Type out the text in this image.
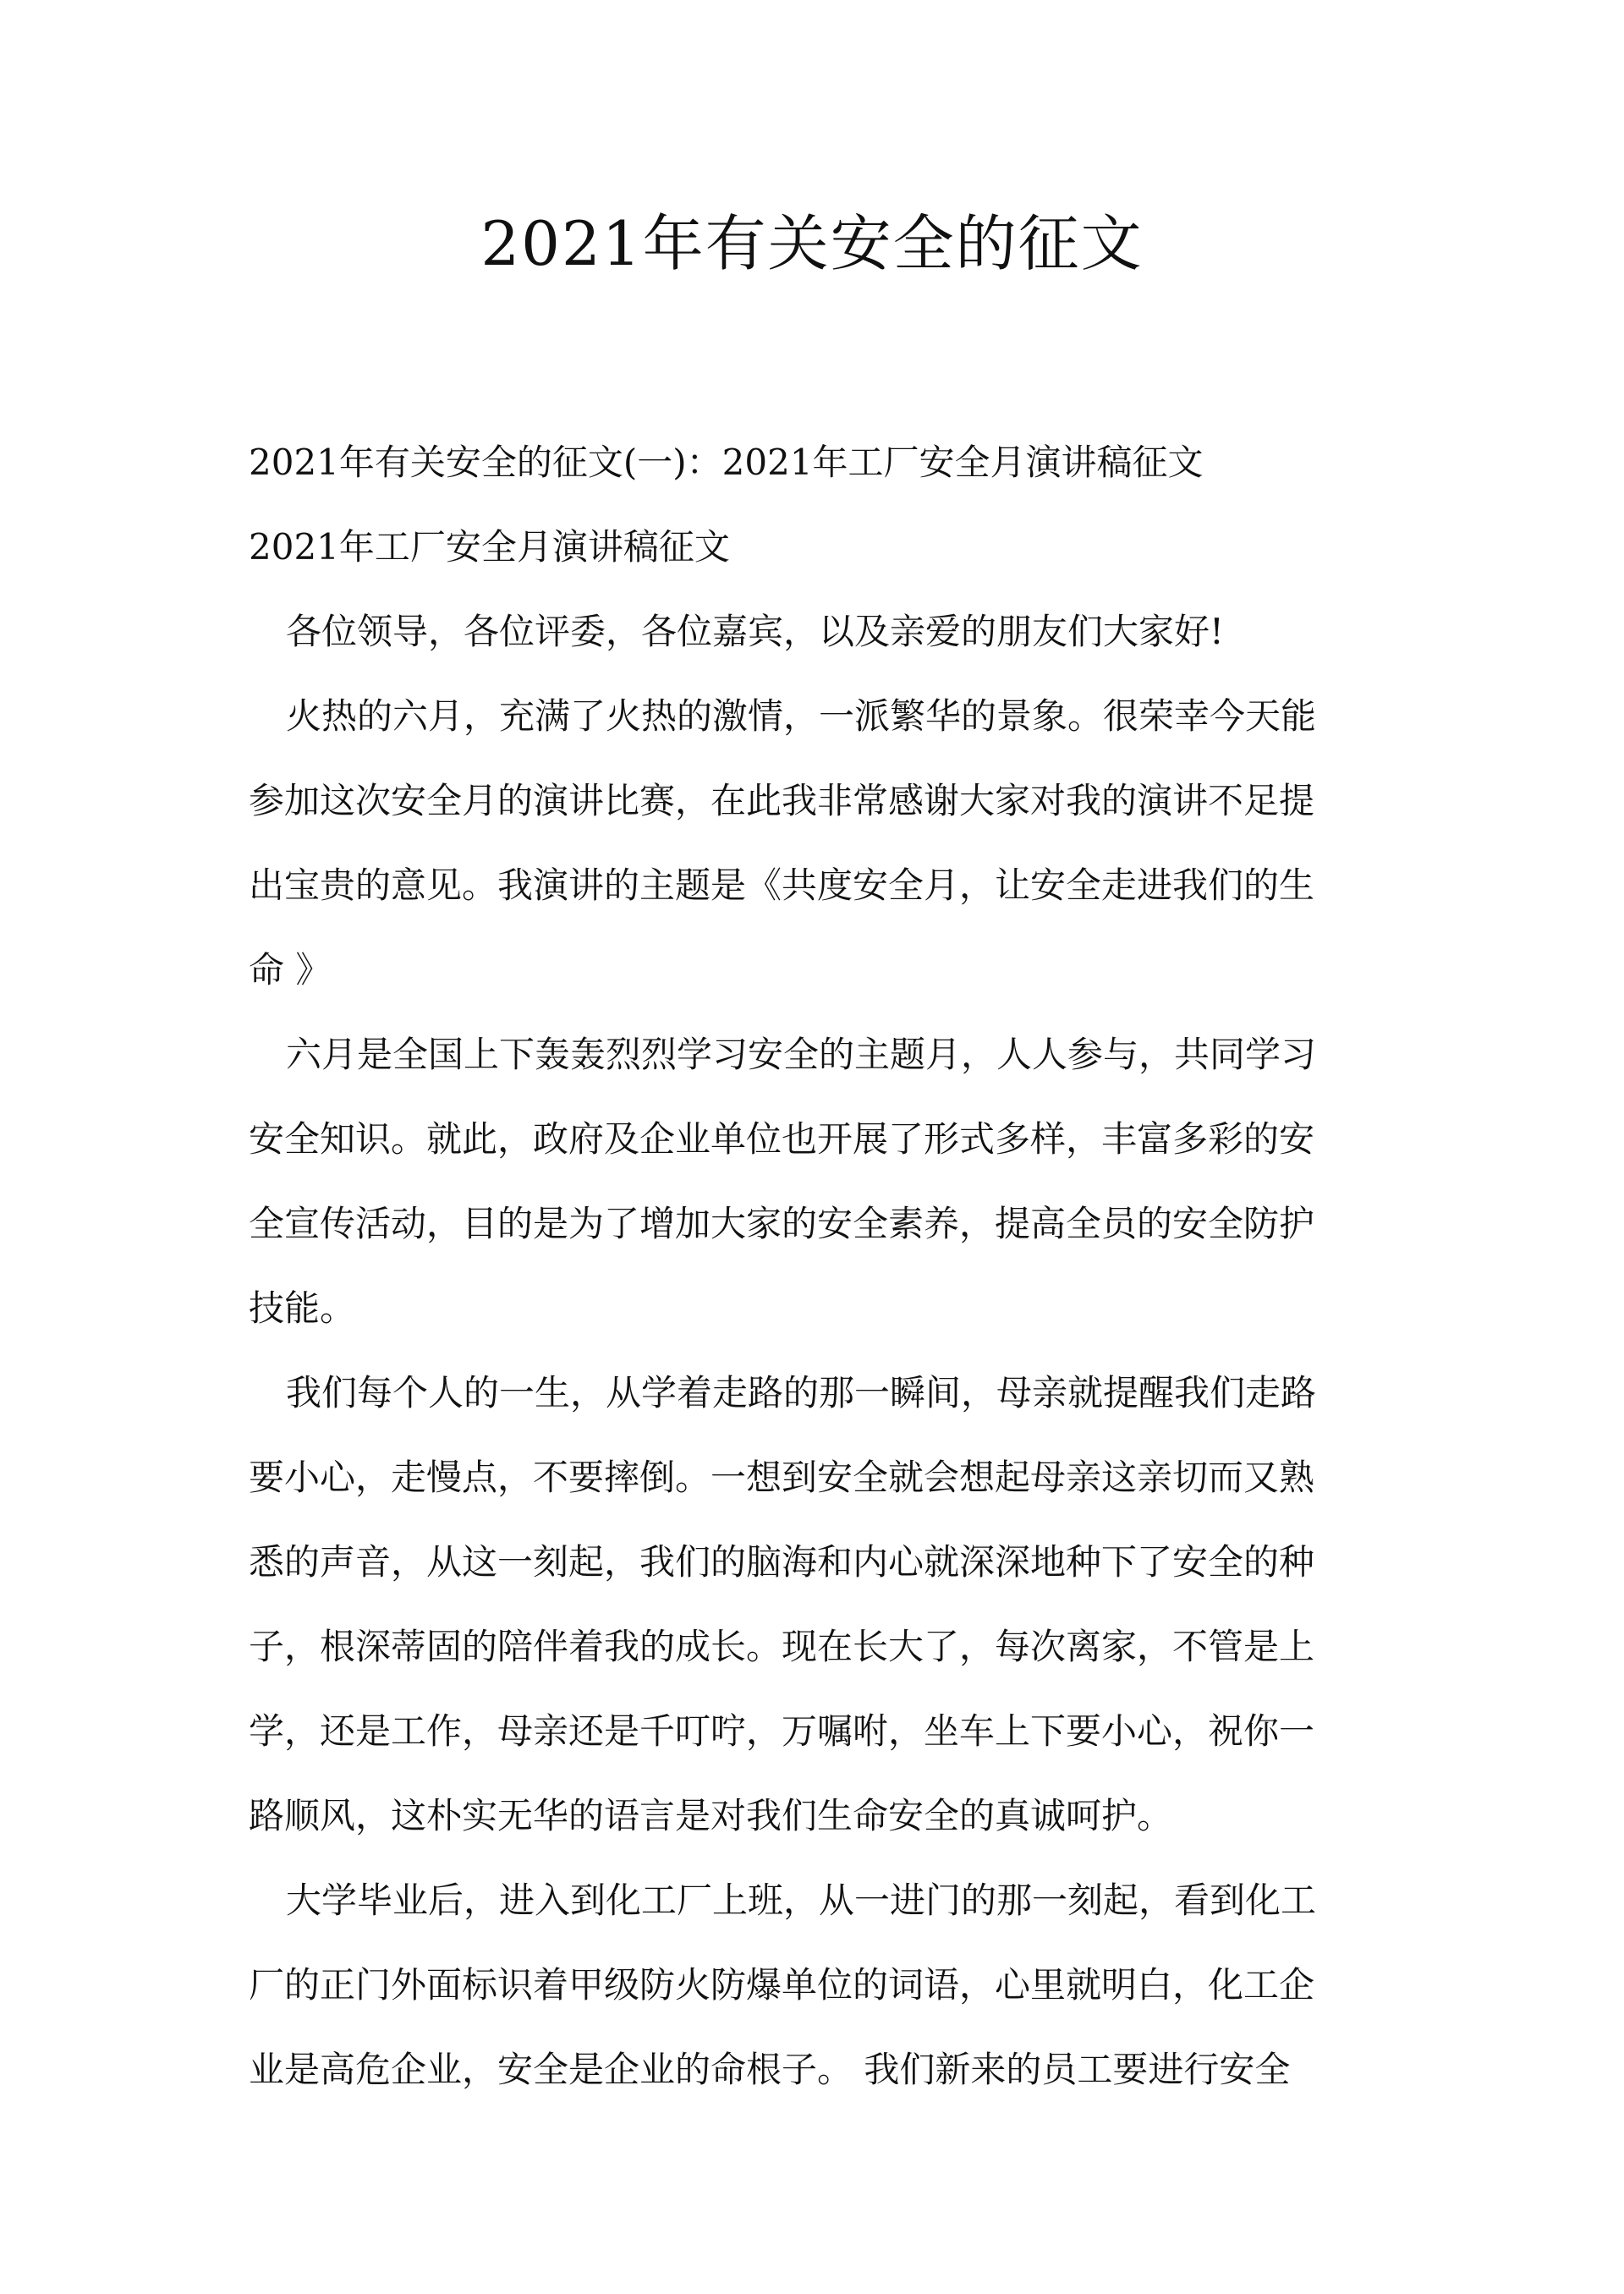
2021年有关安全的征文
2021年有关安全的征文(一)：2021年工厂安全月演讲稿征文
2021年工厂安全月演讲稿征文
各位领导，各位评委，各位嘉宾，以及亲爱的朋友们大家好!
火热的六月，充满了火热的激情，一派繁华的景象。很荣幸今天能
参加这次安全月的演讲比赛，在此我非常感谢大家对我的演讲不足提
出宝贵的意见。我演讲的主题是《共度安全月，让安全走进我们的生
命 》
六月是全国上下轰轰烈烈学习安全的主题月，人人参与，共同学习
安全知识。就此，政府及企业单位也开展了形式多样，丰富多彩的安
全宣传活动，目的是为了增加大家的安全素养，提高全员的安全防护
技能。
我们每个人的一生，从学着走路的那一瞬间，母亲就提醒我们走路
要小心，走慢点，不要摔倒。一想到安全就会想起母亲这亲切而又熟
悉的声音，从这一刻起，我们的脑海和内心就深深地种下了安全的种
子，根深蒂固的陪伴着我的成长。现在长大了，每次离家，不管是上
学，还是工作，母亲还是千叮咛，万嘱咐，坐车上下要小心，祝你一
路顺风，这朴实无华的语言是对我们生命安全的真诚呵护。
大学毕业后，进入到化工厂上班，从一进门的那一刻起，看到化工
厂的正门外面标识着甲级防火防爆单位的词语，心里就明白，化工企
业是高危企业，安全是企业的命根子。 我们新来的员工要进行安全
